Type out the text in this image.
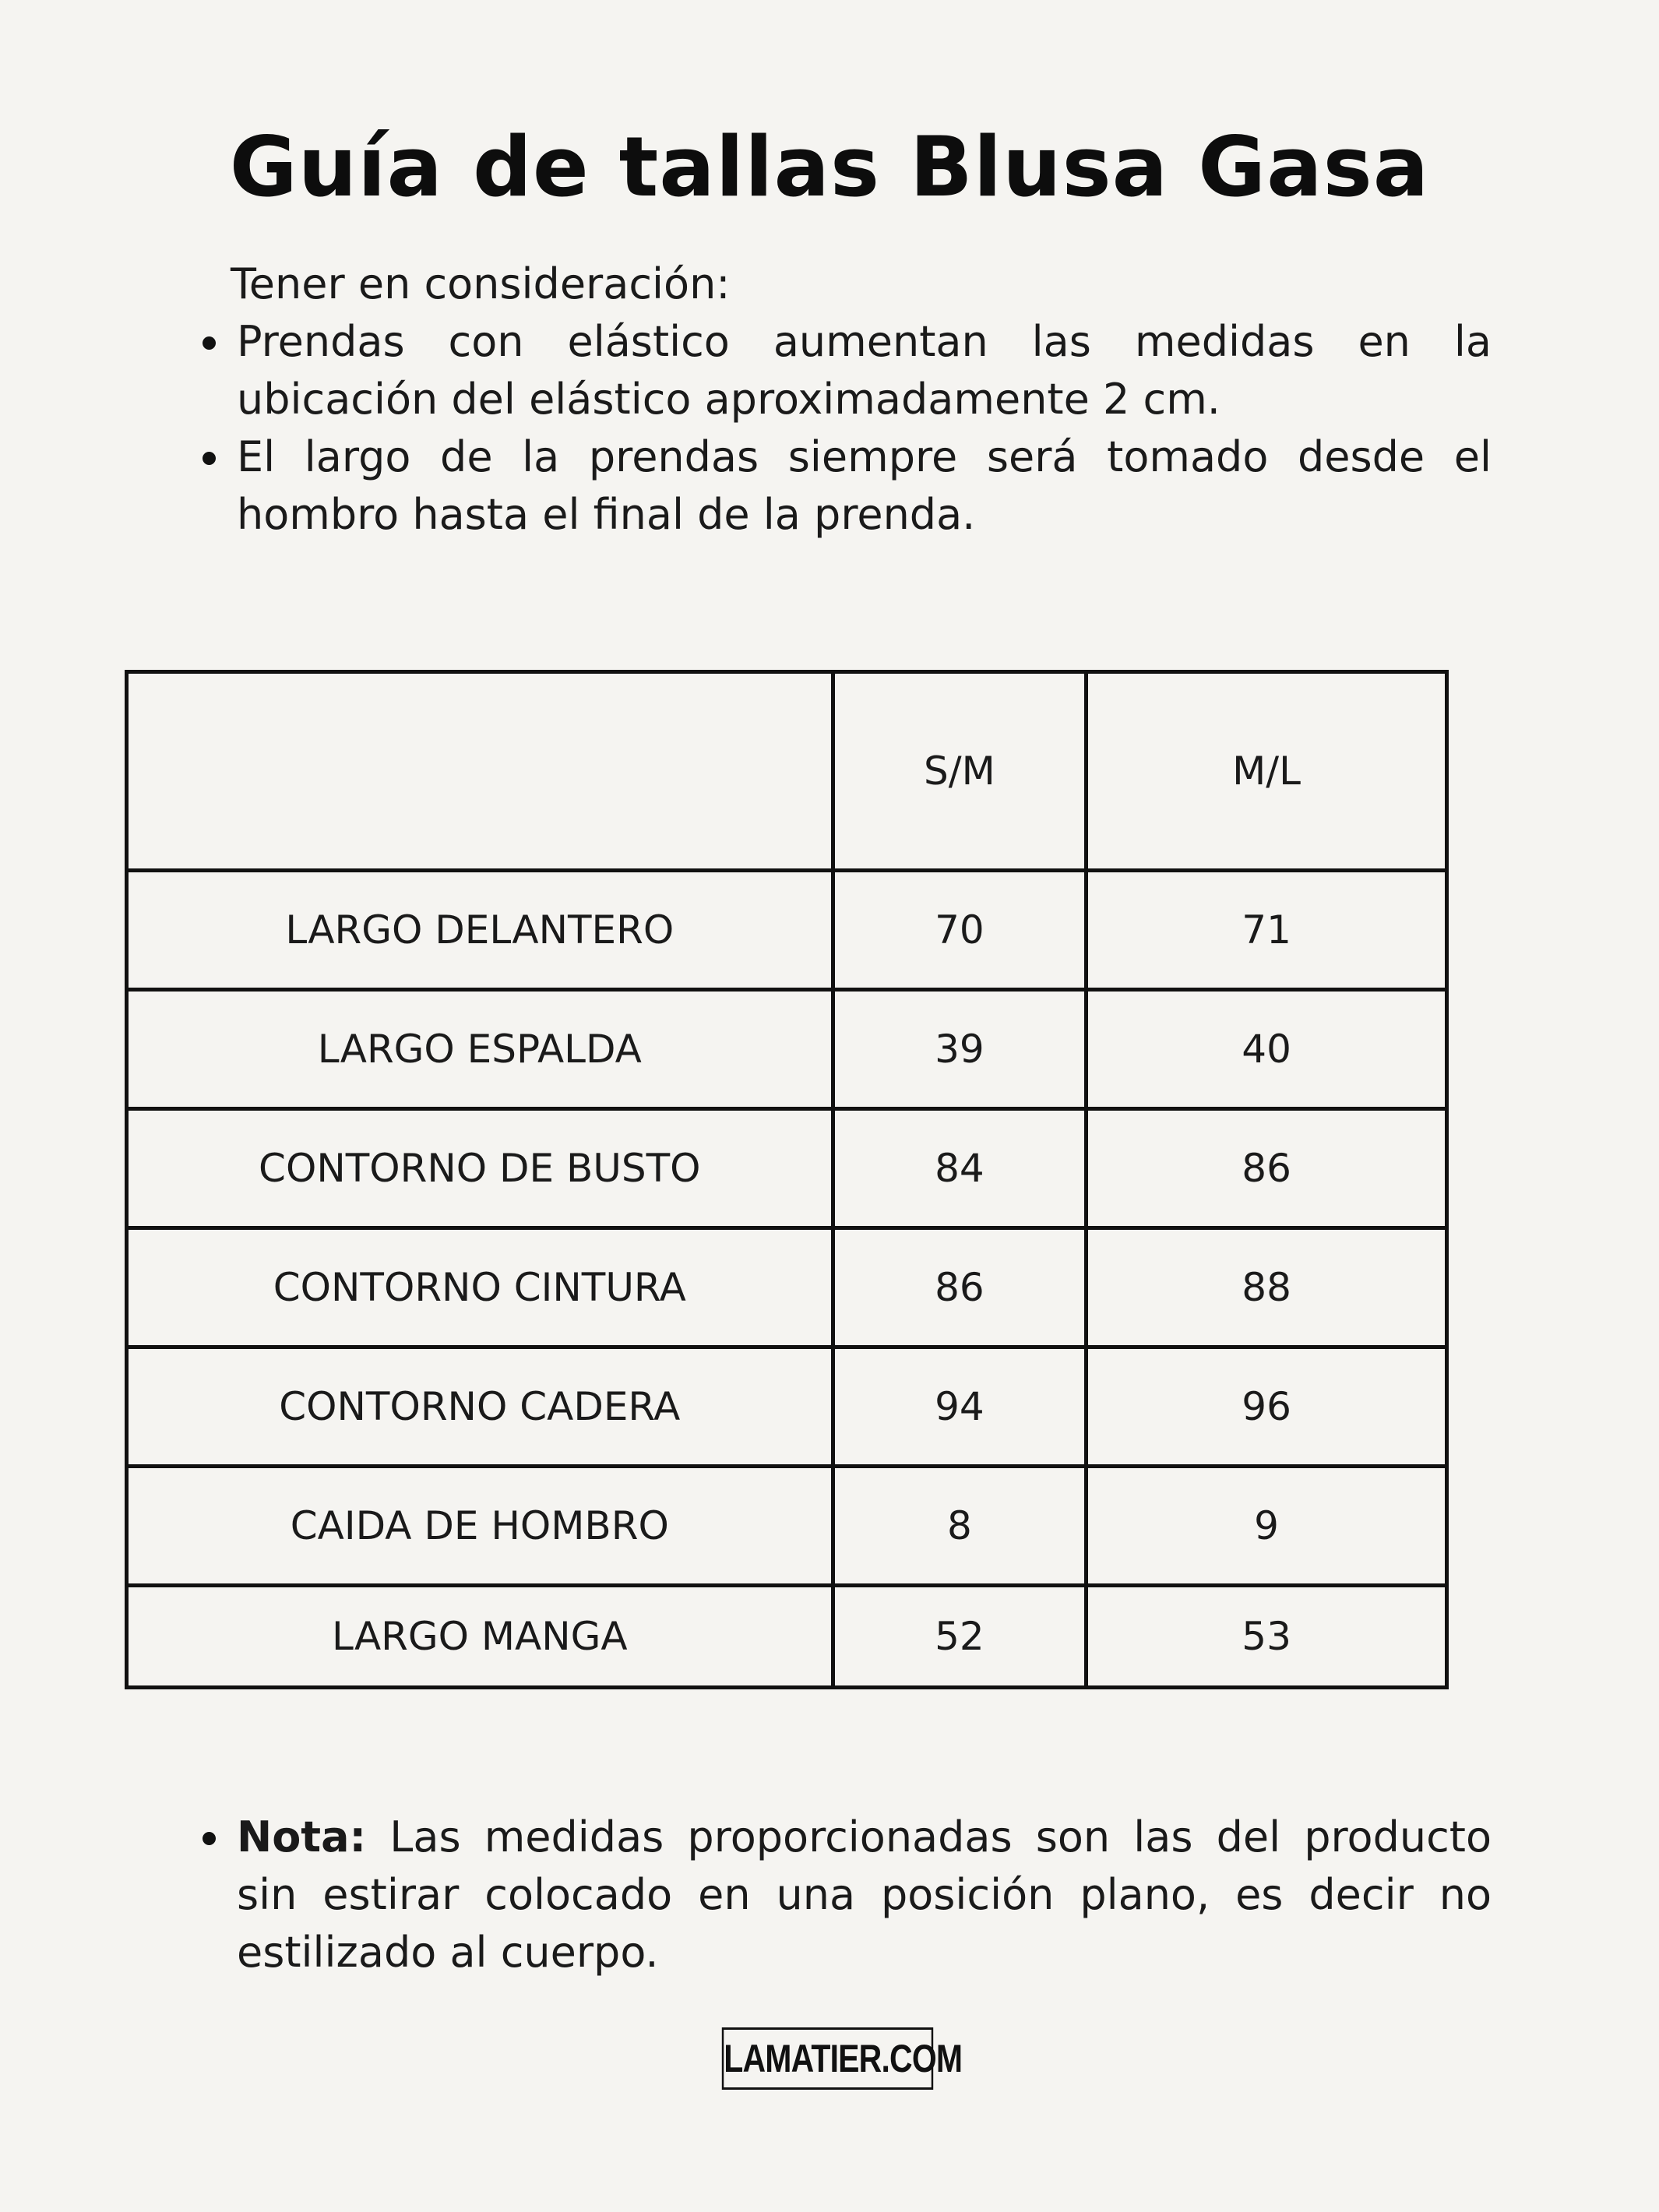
Guía de tallas Blusa Gasa
Tener en consideración:
Prendas con elástico aumentan las medidas en la ubicación del elástico aproximadamente 2 cm.
El largo de la prendas siempre será tomado desde el hombro hasta el final de la prenda.
	S/M	M/L
LARGO DELANTERO	70	71
LARGO ESPALDA	39	40
CONTORNO DE BUSTO	84	86
CONTORNO CINTURA	86	88
CONTORNO CADERA	94	96
CAIDA DE HOMBRO	8	9
LARGO MANGA	52	53
Nota: Las medidas proporcionadas son las del producto sin estirar colocado en una posición plano, es decir no estilizado al cuerpo.
LAMATIER.COM
